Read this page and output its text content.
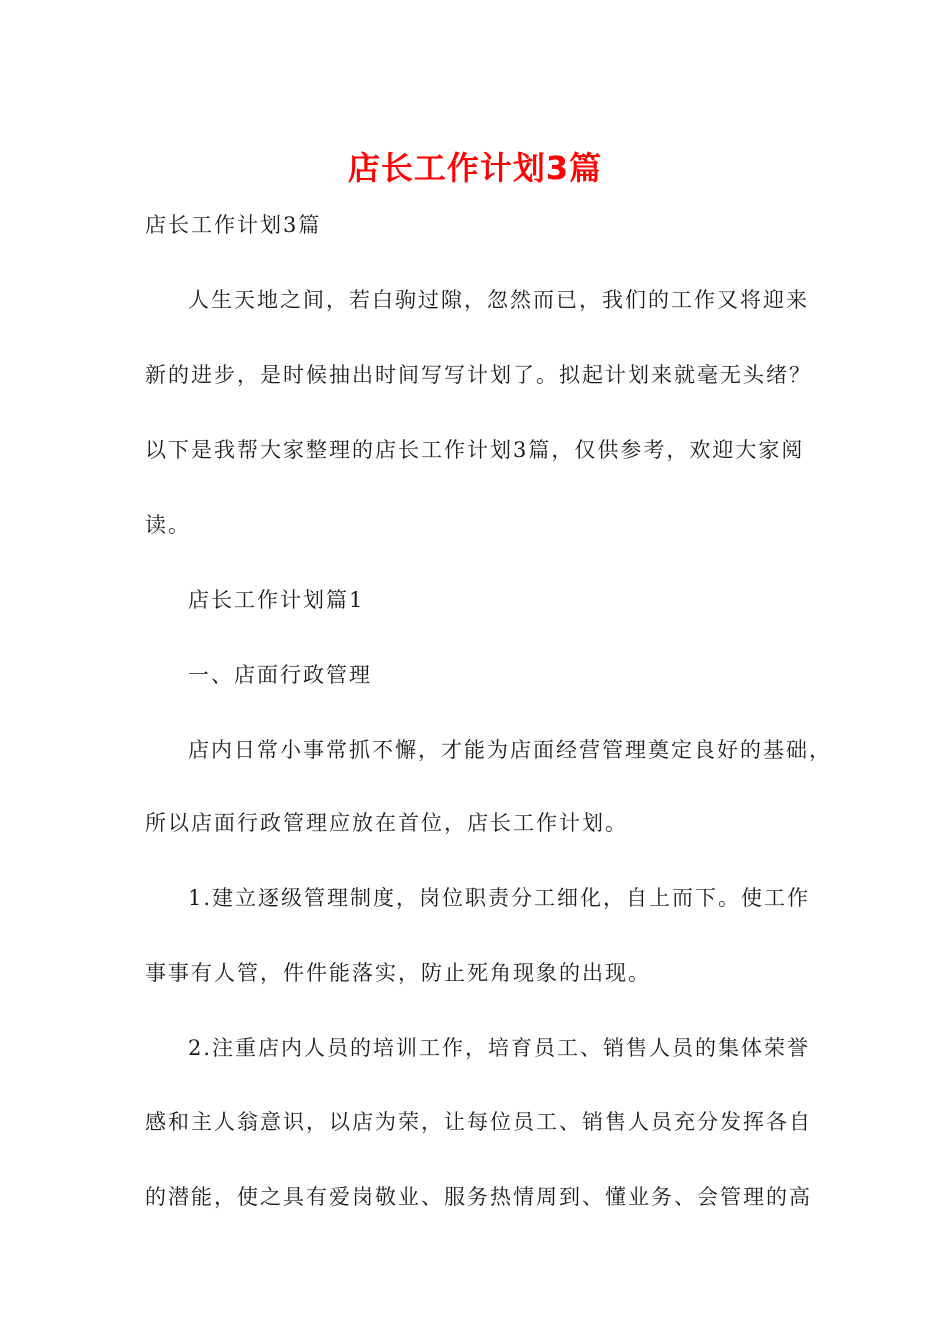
店长工作计划3篇

店长工作计划3篇

人生天地之间，若白驹过隙，忽然而已，我们的工作又将迎来

新的进步，是时候抽出时间写写计划了。拟起计划来就毫无头绪？

以下是我帮大家整理的店长工作计划3篇，仅供参考，欢迎大家阅

读。

店长工作计划篇1

一、店面行政管理

店内日常小事常抓不懈，才能为店面经营管理奠定良好的基础，

所以店面行政管理应放在首位，店长工作计划。

1.建立逐级管理制度，岗位职责分工细化，自上而下。使工作

事事有人管，件件能落实，防止死角现象的出现。

2.注重店内人员的培训工作，培育员工、销售人员的集体荣誉

感和主人翁意识，以店为荣，让每位员工、销售人员充分发挥各自

的潜能，使之具有爱岗敬业、服务热情周到、懂业务、会管理的高
